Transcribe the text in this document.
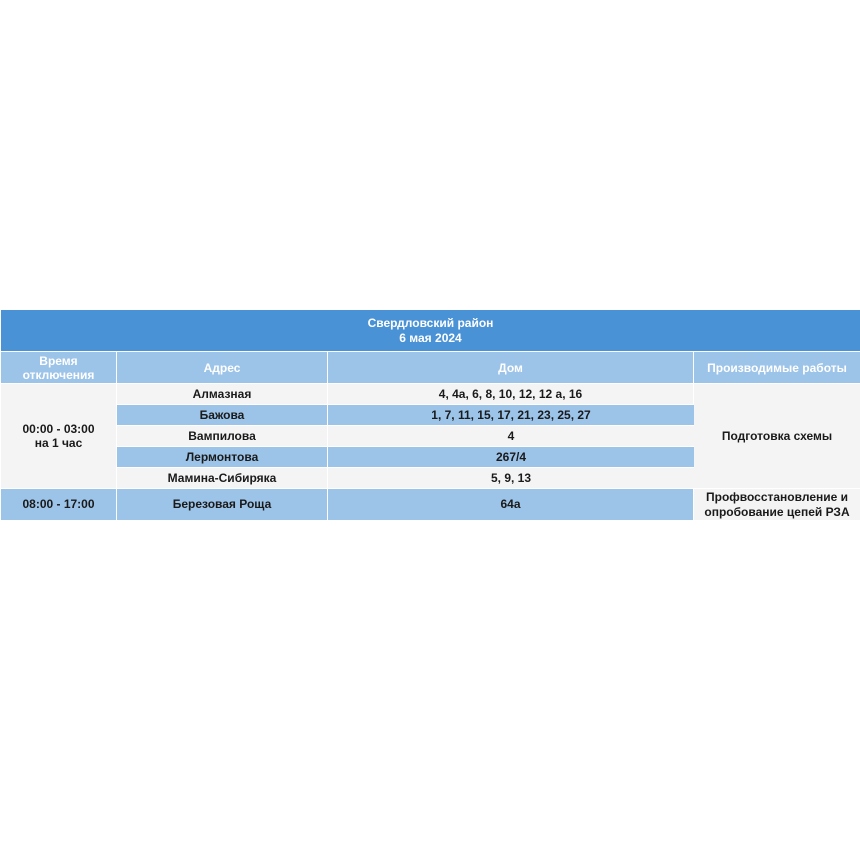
Свердловский район
6 мая 2024			

Время отключения	Адрес	Дом	Производимые работы

00:00 - 03:00
на 1 час	Алмазная	4, 4а, 6, 8, 10, 12, 12 а, 16	Подготовка схемы
	Бажова	1, 7, 11, 15, 17, 21, 23, 25, 27	
	Вампилова	4	
	Лермонтова	267/4	
	Мамина-Сибиряка	5, 9, 13	
08:00 - 17:00	Березовая Роща	64а	Профвосстановление и
опробование цепей РЗА
